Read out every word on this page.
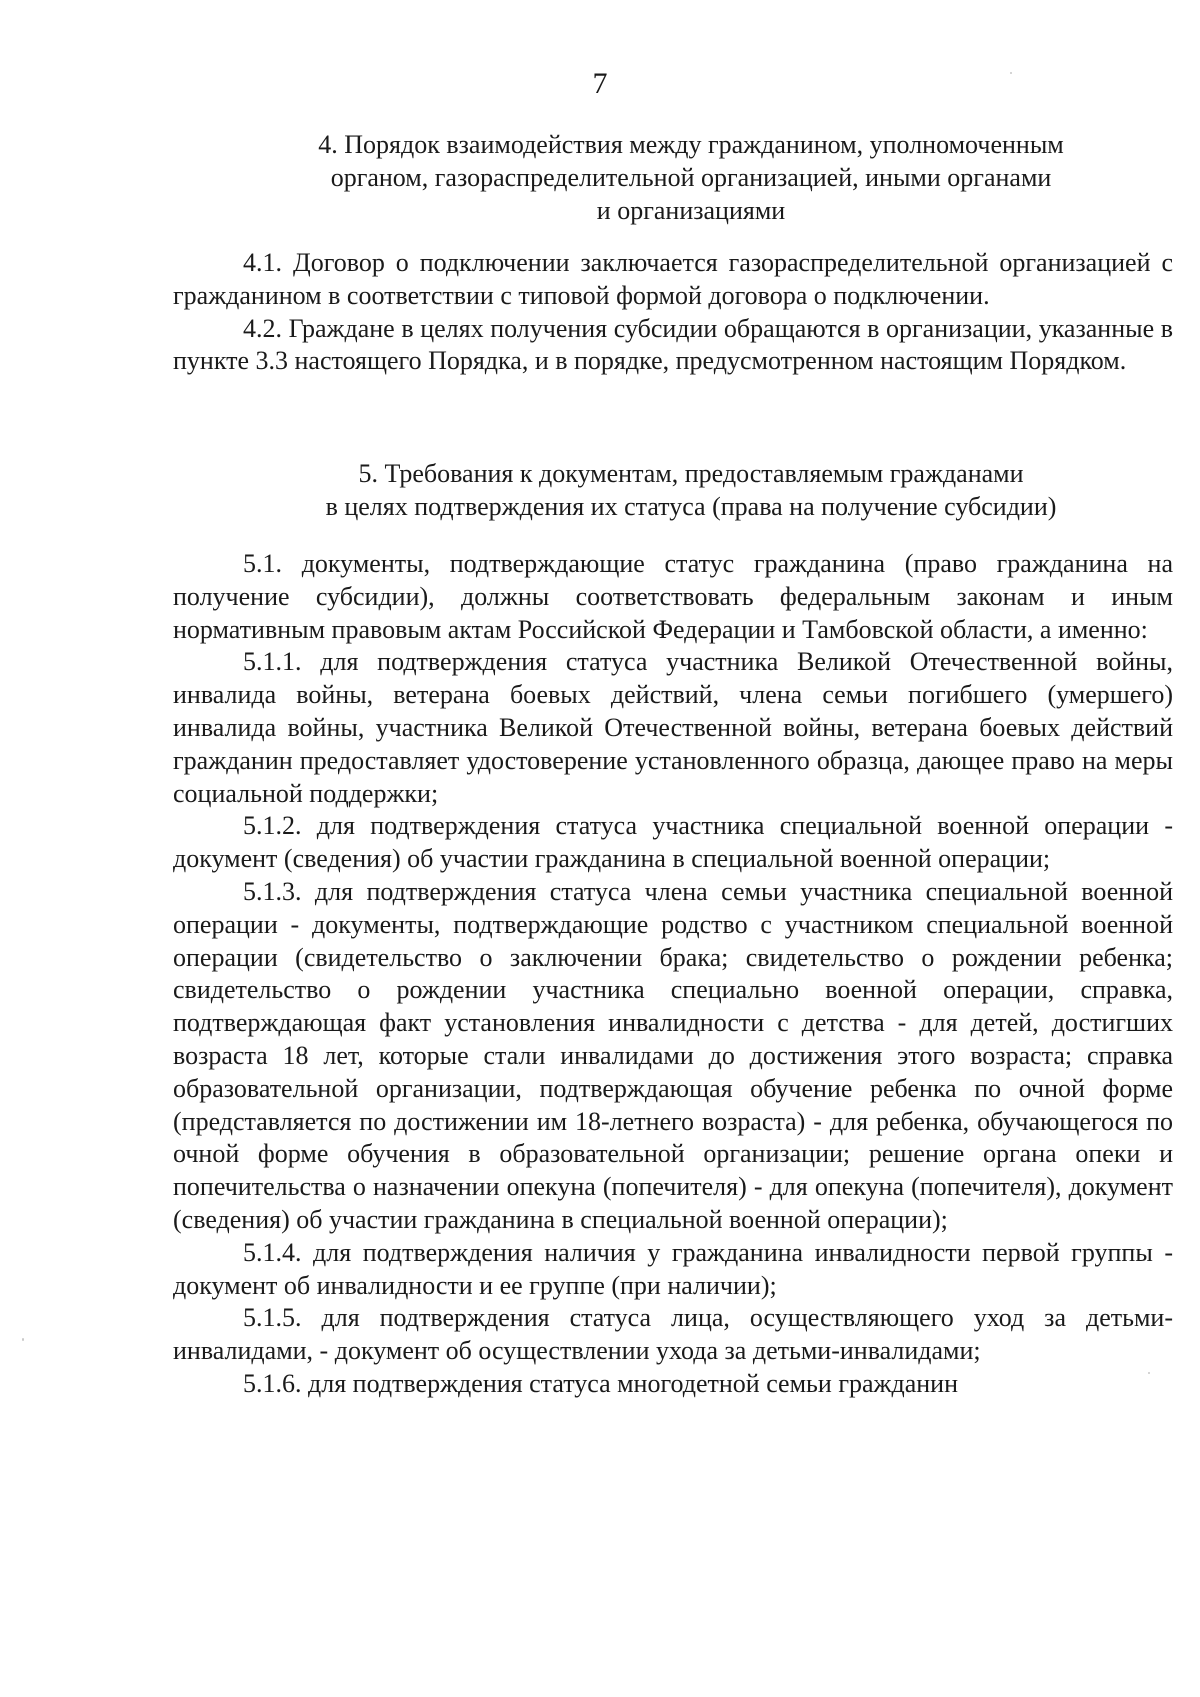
7
4. Порядок взаимодействия между гражданином, уполномоченным
органом, газораспределительной организацией, иными органами
и организациями

4.1. Договор о подключении заключается газораспределительной организацией с гражданином в соответствии с типовой формой договора о подключении.

4.2. Граждане в целях получения субсидии обращаются в организации, указанные в пункте 3.3 настоящего Порядка, и в порядке, предусмотренном настоящим Порядком.

5. Требования к документам, предоставляемым гражданами
в целях подтверждения их статуса (права на получение субсидии)

5.1. документы, подтверждающие статус гражданина (право гражданина на получение субсидии), должны соответствовать федеральным законам и иным нормативным правовым актам Российской Федерации и Тамбовской области, а именно:

5.1.1. для подтверждения статуса участника Великой Отечественной войны, инвалида войны, ветерана боевых действий, члена семьи погибшего (умершего) инвалида войны, участника Великой Отечественной войны, ветерана боевых действий гражданин предоставляет удостоверение установленного образца, дающее право на меры социальной поддержки;

5.1.2. для подтверждения статуса участника специальной военной операции - документ (сведения) об участии гражданина в специальной военной операции;

5.1.3. для подтверждения статуса члена семьи участника специальной военной операции - документы, подтверждающие родство с участником специальной военной операции (свидетельство о заключении брака; свидетельство о рождении ребенка; свидетельство о рождении участника специально военной операции, справка, подтверждающая факт установления инвалидности с детства - для детей, достигших возраста 18 лет, которые стали инвалидами до достижения этого возраста; справка образовательной организации, подтверждающая обучение ребенка по очной форме (представляется по достижении им 18-летнего возраста) - для ребенка, обучающегося по очной форме обучения в образовательной организации; решение органа опеки и попечительства о назначении опекуна (попечителя) - для опекуна (попечителя), документ (сведения) об участии гражданина в специальной военной операции);

5.1.4. для подтверждения наличия у гражданина инвалидности первой группы - документ об инвалидности и ее группе (при наличии);

5.1.5. для подтверждения статуса лица, осуществляющего уход за детьми-инвалидами, - документ об осуществлении ухода за детьми-инвалидами;

5.1.6. для подтверждения статуса многодетной семьи гражданин
